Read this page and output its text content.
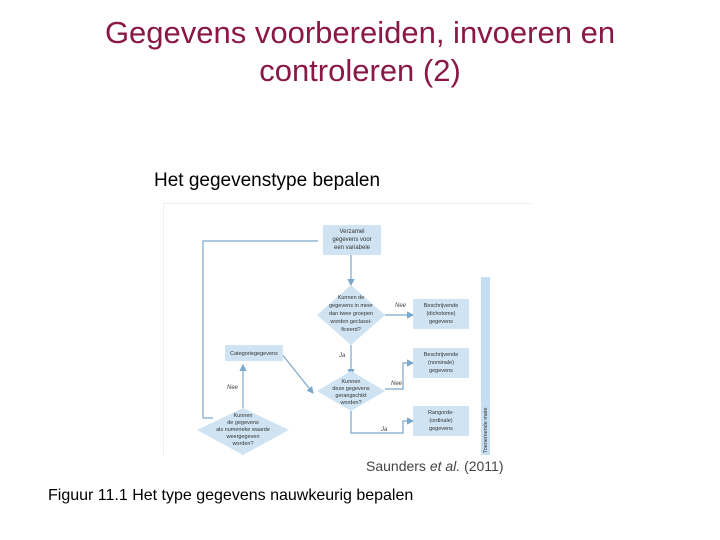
Gegevens voorbereiden, invoeren en
controleren (2)
Het gegevenstype bepalen
Verzamel
gegevens voor
een variabele
Kunnen de
gegevens in meer
dan twee groepen
worden geclassi-
ficeerd?
Kunnen
deze gegevens
gerangschikt
worden?
Kunnen
de gegevens
als numerieke waarde
weergegeven
worden?
Categoriegegevens
Beschrijvende
(dichotome)
gegevens
Beschrijvende
(nominale)
gegevens
Rangorde-
(ordinale)
gegevens
Nee
Ja
Nee
Ja
Nee
Toenemende mate
Saunders et al. (2011)
Figuur 11.1 Het type gegevens nauwkeurig bepalen
